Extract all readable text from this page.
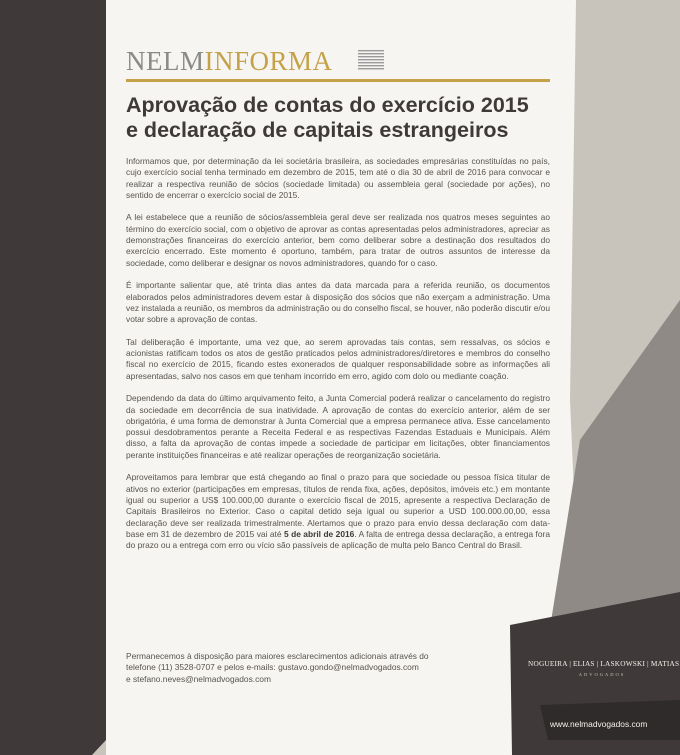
NELMINFORMA
Aprovação de contas do exercício 2015
e declaração de capitais estrangeiros

Informamos que, por determinação da lei societária brasileira, as sociedades empresárias constituídas no país, cujo exercício social tenha terminado em dezembro de 2015, tem até o dia 30 de abril de 2016 para convocar e realizar a respectiva reunião de sócios (sociedade limitada) ou assembleia geral (sociedade por ações), no sentido de encerrar o exercício social de 2015.

A lei estabelece que a reunião de sócios/assembleia geral deve ser realizada nos quatros meses seguintes ao término do exercício social, com o objetivo de aprovar as contas apresentadas pelos administradores, apreciar as demonstrações financeiras do exercício anterior, bem como deliberar sobre a destinação dos resultados do exercício encerrado. Este momento é oportuno, também, para tratar de outros assuntos de interesse da sociedade, como deliberar e designar os novos administradores, quando for o caso.

É importante salientar que, até trinta dias antes da data marcada para a referida reunião, os documentos elaborados pelos administradores devem estar à disposição dos sócios que não exerçam a administração. Uma vez instalada a reunião, os membros da administração ou do conselho fiscal, se houver, não poderão discutir e/ou votar sobre a aprovação de contas.

Tal deliberação é importante, uma vez que, ao serem aprovadas tais contas, sem ressalvas, os sócios e acionistas ratificam todos os atos de gestão praticados pelos administradores/diretores e membros do conselho fiscal no exercício de 2015, ficando estes exonerados de qualquer responsabilidade sobre as informações ali apresentadas, salvo nos casos em que tenham incorrido em erro, agido com dolo ou mediante coação.

Dependendo da data do último arquivamento feito, a Junta Comercial poderá realizar o cancelamento do registro da sociedade em decorrência de sua inatividade. A aprovação de contas do exercício anterior, além de ser obrigatória, é uma forma de demonstrar à Junta Comercial que a empresa permanece ativa. Esse cancelamento possui desdobramentos perante a Receita Federal e as respectivas Fazendas Estaduais e Municipais. Além disso, a falta da aprovação de contas impede a sociedade de participar em licitações, obter financiamentos perante instituições financeiras e até realizar operações de reorganização societária.

Aproveitamos para lembrar que está chegando ao final o prazo para que sociedade ou pessoa física titular de ativos no exterior (participações em empresas, títulos de renda fixa, ações, depósitos, imóveis etc.) em montante igual ou superior a US$ 100.000,00 durante o exercício fiscal de 2015, apresente a respectiva Declaração de Capitais Brasileiros no Exterior. Caso o capital detido seja igual ou superior a USD 100.000.00,00, essa declaração deve ser realizada trimestralmente. Alertamos que o prazo para envio dessa declaração com data-base em 31 de dezembro de 2015 vai até 5 de abril de 2016. A falta de entrega dessa declaração, a entrega fora do prazo ou a entrega com erro ou vício são passíveis de aplicação de multa pelo Banco Central do Brasil.

Permanecemos à disposição para maiores esclarecimentos adicionais através do
telefone (11) 3528-0707 e pelos e-mails: gustavo.gondo@nelmadvogados.com
e stefano.neves@nelmadvogados.com
NOGUEIRA | ELIAS | LASKOWSKI | MATIAS
ADVOGADOS
www.nelmadvogados.com
